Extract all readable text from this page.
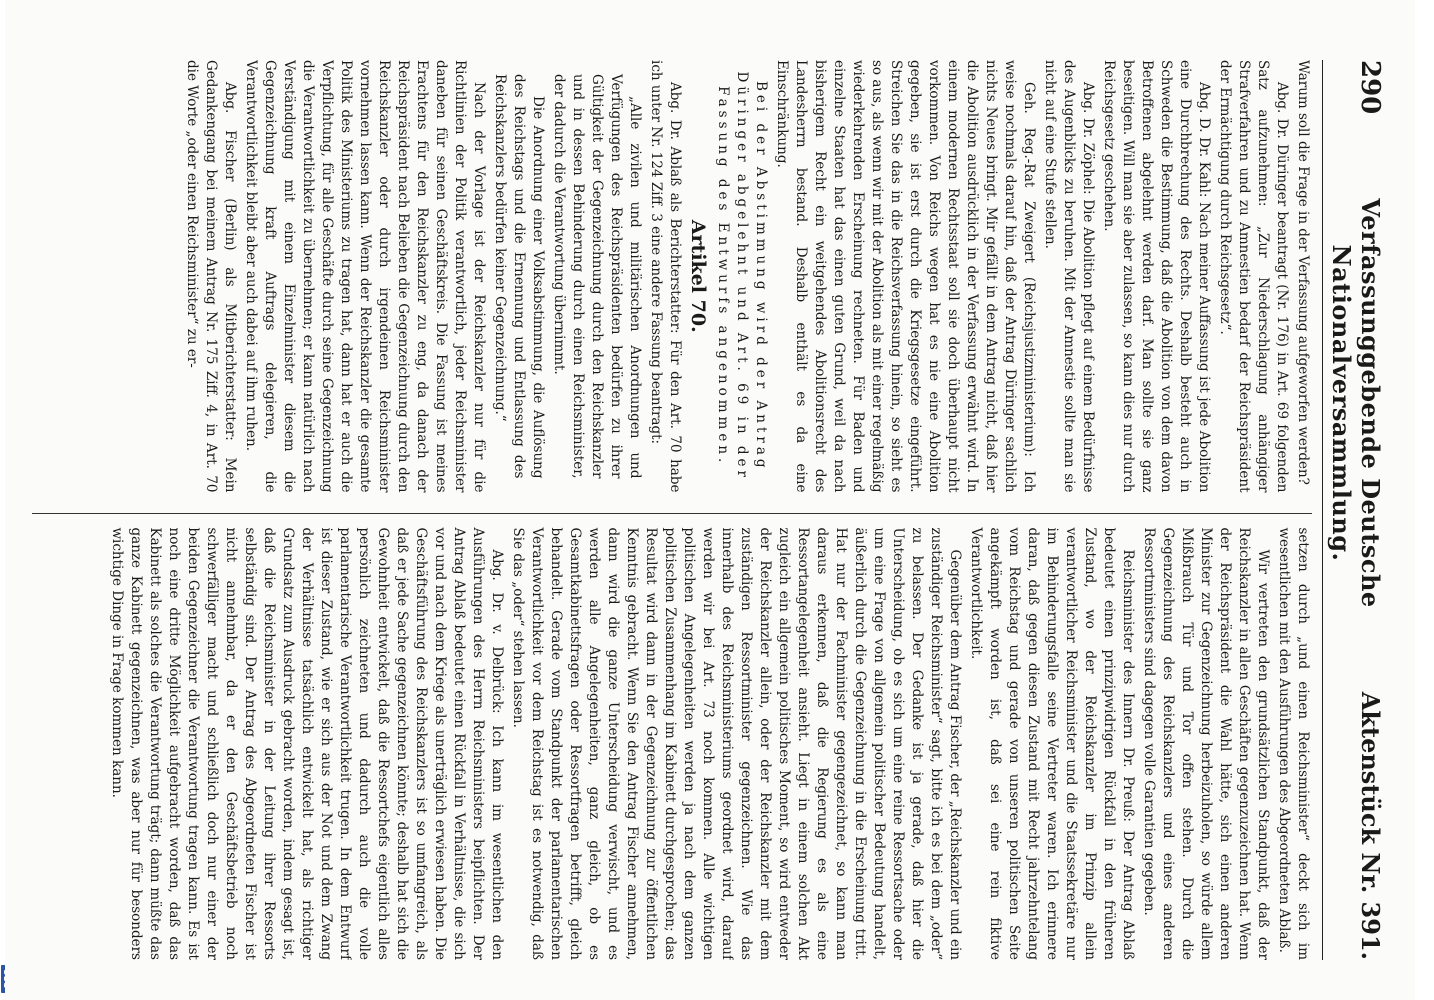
290
Verfassunggebende Deutsche Nationalversammlung.
Aktenstück Nr. 391.

Warum soll die Frage in der Verfassung aufgeworfen werden?

Abg. Dr. Düringer beantragt (Nr. 176) in Art. 69 folgenden Satz aufzunehmen: „Zur Niederschlagung anhängiger Strafverfahren und zu Amnestien bedarf der Reichspräsident der Ermächtigung durch Reichsgesetz“.

Abg. D. Dr. Kahl: Nach meiner Auffassung ist jede Abolition eine Durchbrechung des Rechts. Deshalb besteht auch in Schweden die Bestimmung, daß die Abolition von dem davon Betroffenen abgelehnt werden darf. Man sollte sie ganz beseitigen. Will man sie aber zulassen, so kann dies nur durch Reichsgesetz geschehen.

Abg. Dr. Zöphel: Die Abolition pflegt auf einem Bedürfnisse des Augenblicks zu beruhen. Mit der Amnestie sollte man sie nicht auf eine Stufe stellen.

Geh. Reg.-Rat Zweigert (Reichsjustizministerium): Ich weise nochmals darauf hin, daß der Antrag Düringer sachlich nichts Neues bringt. Mir gefällt in dem Antrag nicht, daß hier die Abolition ausdrücklich in der Verfassung erwähnt wird. In einem modernen Rechtsstaat soll sie doch überhaupt nicht vorkommen. Von Reichs wegen hat es nie eine Abolition gegeben, sie ist erst durch die Kriegsgesetze eingeführt. Streichen Sie das in die Reichsverfassung hinein, so sieht es so aus, als wenn wir mit der Abolition als mit einer regelmäßig wiederkehrenden Erscheinung rechneten. Für Baden und einzelne Staaten hat das einen guten Grund, weil da nach bisherigem Recht ein weitgehendes Abolitionsrecht des Landesherrn bestand. Deshalb enthält es da eine Einschränkung.

Bei der Abstimmung wird der Antrag Düringer abgelehnt und Art. 69 in der Fassung des Entwurfs angenommen.

Artikel 70.

Abg. Dr. Ablaß als Berichterstatter: Für den Art. 70 habe ich unter Nr. 124 Ziff. 3 eine andere Fassung beantragt:

„Alle zivilen und militärischen Anordnungen und Verfügungen des Reichspräsidenten bedürfen zu ihrer Gültigkeit der Gegenzeichnung durch den Reichskanzler und in dessen Behinderung durch einen Reichsminister, der dadurch die Verantwortung übernimmt.

Die Anordnung einer Volksabstimmung, die Auflösung des Reichstags und die Ernennung und Entlassung des Reichskanzlers bedürfen keiner Gegenzeichnung.“

Nach der Vorlage ist der Reichskanzler nur für die Richtlinien der Politik verantwortlich, jeder Reichsminister daneben für seinen Geschäftskreis. Die Fassung ist meines Erachtens für den Reichskanzler zu eng, da danach der Reichspräsident nach Belieben die Gegenzeichnung durch den Reichskanzler oder durch irgendeinen Reichsminister vornehmen lassen kann. Wenn der Reichskanzler die gesamte Politik des Ministeriums zu tragen hat, dann hat er auch die Verpflichtung, für alle Geschäfte durch seine Gegenzeichnung die Verantwortlichkeit zu übernehmen; er kann natürlich nach Verständigung mit einem Einzelminister diesem die Gegenzeichnung kraft Auftrags delegieren, die Verantwortlichkeit bleibt aber auch dabei auf ihm ruhen.

Abg. Fischer (Berlin) als Mitberichterstatter: Mein Gedankengang bei meinem Antrag Nr. 175 Ziff. 4, in Art. 70 die Worte „oder einen Reichsminister“ zu er-

setzen durch „und einen Reichsminister“ deckt sich im wesentlichen mit den Ausführungen des Abgeordneten Ablaß.

Wir vertreten den grundsätzlichen Standpunkt, daß der Reichskanzler in allen Geschäften gegenzuzeichnen hat. Wenn der Reichspräsident die Wahl hätte, sich einen anderen Minister zur Gegenzeichnung herbeizuholen, so würde allem Mißbrauch Tür und Tor offen stehen. Durch die Gegenzeichnung des Reichskanzlers und eines anderen Ressortministers sind dagegen volle Garantien gegeben.

Reichsminister des Innern Dr. Preuß: Der Antrag Ablaß bedeutet einen prinzipwidrigen Rückfall in den früheren Zustand, wo der Reichskanzler im Prinzip allein verantwortlicher Reichsminister und die Staatssekretäre nur im Behinderungsfalle seine Vertreter waren. Ich erinnere daran, daß gegen diesen Zustand mit Recht jahrzehntelang vom Reichstag und gerade von unseren politischen Seite angekämpft worden ist, daß sei eine rein fiktive Verantwortlichkeit.

Gegenüber dem Antrag Fischer, der „Reichskanzler und ein zuständiger Reichsminister“ sagt, bitte ich es bei dem „oder“ zu belassen. Der Gedanke ist ja gerade, daß hier die Unterscheidung, ob es sich um eine reine Ressortsache oder um eine Frage von allgemein politischer Bedeutung handelt, äußerlich durch die Gegenzeichnung in die Erscheinung tritt. Hat nur der Fachminister gegengezeichnet, so kann man daraus erkennen, daß die Regierung es als eine Ressortangelegenheit ansieht. Liegt in einem solchen Akt zugleich ein allgemein politisches Moment, so wird entweder der Reichskanzler allein, oder der Reichskanzler mit dem zuständigen Ressortminister gegenzeichnen. Wie das innerhalb des Reichsministeriums geordnet wird, darauf werden wir bei Art. 73 noch kommen. Alle wichtigen politischen Angelegenheiten werden ja nach dem ganzen politischen Zusammenhang im Kabinett durchgesprochen; das Resultat wird dann in der Gegenzeichnung zur öffentlichen Kenntnis gebracht. Wenn Sie den Antrag Fischer annehmen, dann wird die ganze Unterscheidung verwischt, und es werden alle Angelegenheiten, ganz gleich, ob es Gesamtkabinettsfragen oder Ressortfragen betrifft, gleich behandelt. Gerade vom Standpunkt der parlamentarischen Verantwortlichkeit vor dem Reichstag ist es notwendig, daß Sie das „oder“ stehen lassen.

Abg. Dr. v. Delbrück: Ich kann im wesentlichen den Ausführungen des Herrn Reichsministers beipflichten. Der Antrag Ablaß bedeutet einen Rückfall in Verhältnisse, die sich vor und nach dem Kriege als unerträglich erwiesen haben. Die Geschäftsführung des Reichskanzlers ist so umfangreich, als daß er jede Sache gegenzeichnen könnte; deshalb hat sich die Gewohnheit entwickelt, daß die Ressortchefs eigentlich alles persönlich zeichneten und dadurch auch die volle parlamentarische Verantwortlichkeit trugen. In dem Entwurf ist dieser Zustand, wie er sich aus der Not und dem Zwang der Verhältnisse tatsächlich entwickelt hat, als richtiger Grundsatz zum Ausdruck gebracht worden, indem gesagt ist, daß die Reichsminister in der Leitung ihrer Ressorts selbständig sind. Der Antrag des Abgeordneten Fischer ist nicht annehmbar, da er den Geschäftsbetrieb noch schwerfälliger macht und schließlich doch nur einer der beiden Gegenzeichner die Verantwortung tragen kann. Es ist noch eine dritte Möglichkeit aufgebracht worden, daß das Kabinett als solches die Verantwortung trägt; dann müßte das ganze Kabinett gegenzeichnen, was aber nur für besonders wichtige Dinge in Frage kommen kann.
